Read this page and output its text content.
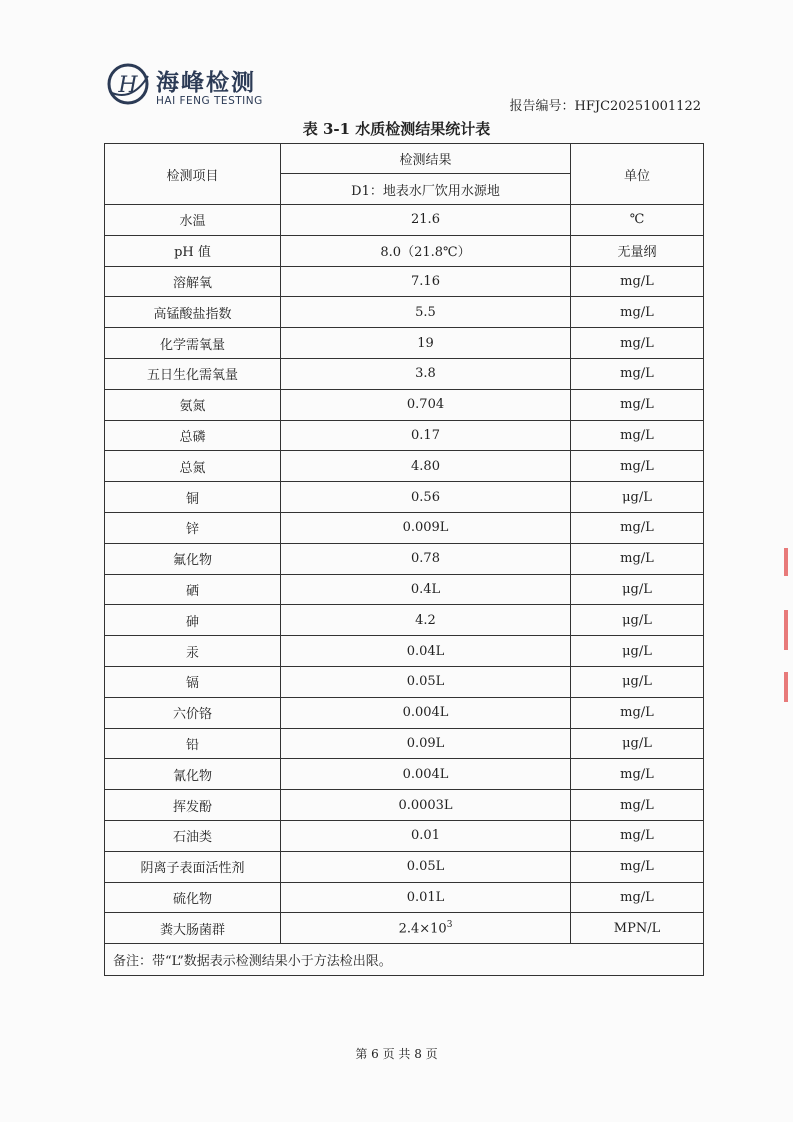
H 海峰检测
HAI FENG TESTING	报告编号：HFJC20251001122
表 3-1 水质检测结果统计表
检测项目	检测结果	单位
	D1：地表水厂饮用水源地	
水温	21.6	℃
pH 值	8.0（21.8℃）	无量纲
溶解氧	7.16	mg/L
高锰酸盐指数	5.5	mg/L
化学需氧量	19	mg/L
五日生化需氧量	3.8	mg/L
氨氮	0.704	mg/L
总磷	0.17	mg/L
总氮	4.80	mg/L
铜	0.56	μg/L
锌	0.009L	mg/L
氟化物	0.78	mg/L
硒	0.4L	μg/L
砷	4.2	μg/L
汞	0.04L	μg/L
镉	0.05L	μg/L
六价铬	0.004L	mg/L
铅	0.09L	μg/L
氰化物	0.004L	mg/L
挥发酚	0.0003L	mg/L
石油类	0.01	mg/L
阴离子表面活性剂	0.05L	mg/L
硫化物	0.01L	mg/L
粪大肠菌群	$2.4\times 10^3$	MPN/L
备注：带“L”数据表示检测结果小于方法检出限。		
第 6 页 共 8 页
